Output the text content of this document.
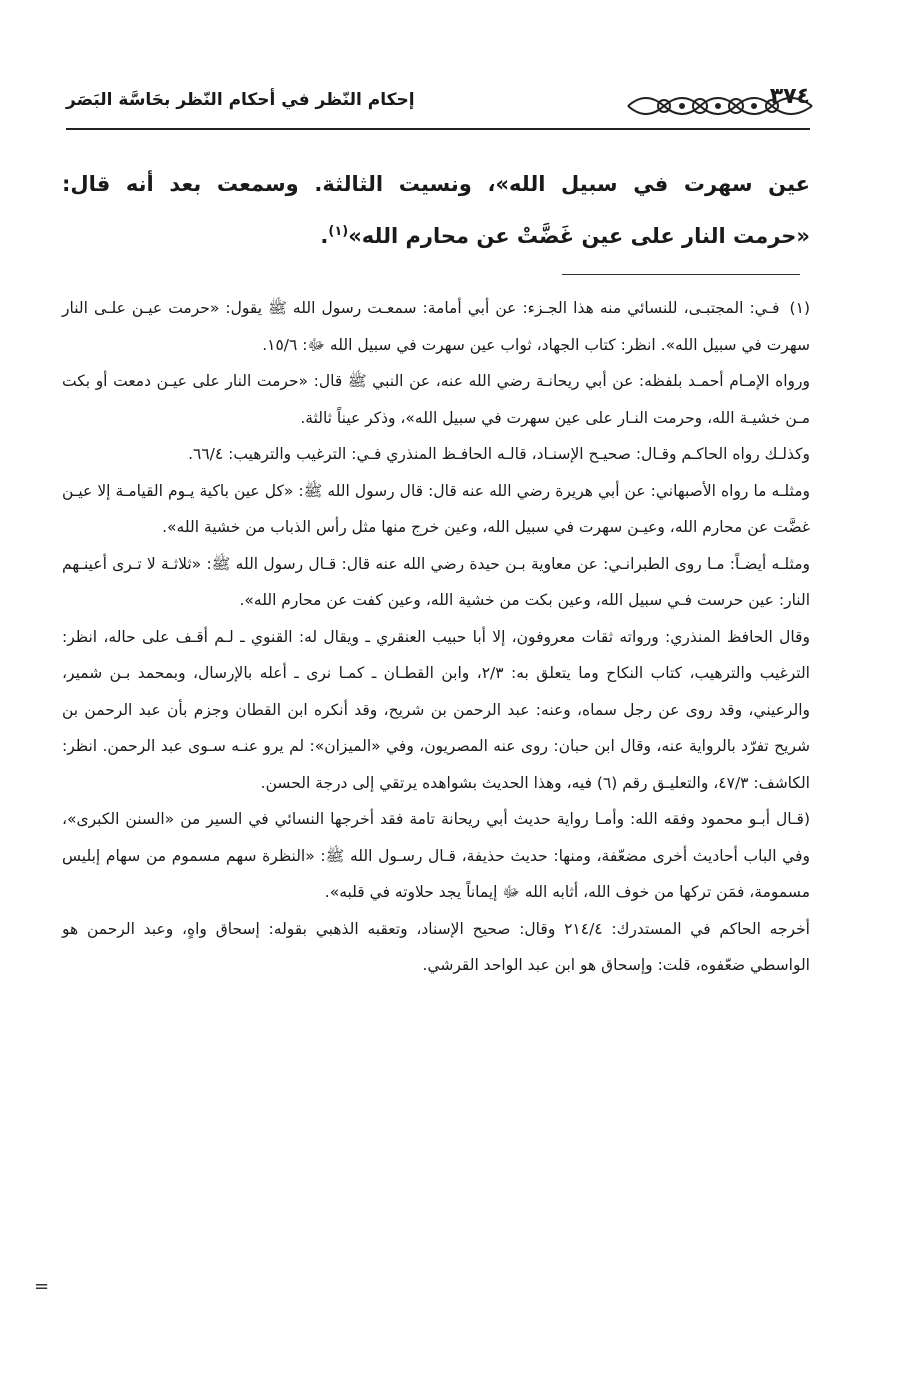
٣٧٤
إحكام النّظر في أحكام النّظر بحَاسَّة البَصَر
عين سهرت في سبيل الله»، ونسيت الثالثة. وسمعت بعد أنه قال: «حرمت النار على عين غَضَّتْ عن محارم الله»$^{(١)}$.

(١)فـي: المجتبـى، للنسائي منه هذا الجـزء: عن أبي أمامة: سمعـت رسول الله ﷺ يقول: «حرمت عيـن علـى النار سهرت في سبيل الله». انظر: كتاب الجهاد، ثواب عين سهرت في سبيل الله ﷻ: ١٥/٦.

ورواه الإمـام أحمـد بلفظه: عن أبي ريحانـة رضي الله عنه، عن النبي ﷺ قال: «حرمت النار على عيـن دمعت أو بكت مـن خشيـة الله، وحرمت النـار على عين سهرت في سبيل الله»، وذكر عيناً ثالثة.

وكذلـك رواه الحاكـم وقـال: صحيـح الإسنـاد، قالـه الحافـظ المنذري فـي: الترغيب والترهيب: ٦٦/٤.

ومثلـه ما رواه الأصبهاني: عن أبي هريرة رضي الله عنه قال: قال رسول الله ﷺ: «كل عين باكية يـوم القيامـة إلا عيـن غضَّت عن محارم الله، وعيـن سهرت في سبيل الله، وعين خرج منها مثل رأس الذباب من خشية الله».

ومثلـه أيضـاً: مـا روى الطبرانـي: عن معاوية بـن حيدة رضي الله عنه قال: قـال رسول الله ﷺ: «ثلاثـة لا تـرى أعينـهم النار: عين حرست فـي سبيل الله، وعين بكت من خشية الله، وعين كفت عن محارم الله».

وقال الحافظ المنذري: ورواته ثقات معروفون، إلا أبا حبيب العنقري ـ ويقال له: القنوي ـ لـم أقـف على حاله، انظر: الترغيب والترهيب، كتاب النكاح وما يتعلق به: ٢/٣، وابن القطـان ـ كمـا نرى ـ أعله بالإرسال، وبمحمد بـن شمير، والرعيني، وقد روى عن رجل سماه، وعنه: عبد الرحمن بن شريح، وقد أنكره ابن القطان وجزم بأن عبد الرحمن بن شريح تفرّد بالرواية عنه، وقال ابن حبان: روى عنه المصريون، وفي «الميزان»: لم يرو عنـه سـوى عبد الرحمن. انظر: الكاشف: ٤٧/٣، والتعليـق رقم (٦) فيه، وهذا الحديث بشواهده يرتقي إلى درجة الحسن.

(قـال أبـو محمود وفقه الله: وأمـا رواية حديث أبي ريحانة تامة فقد أخرجها النسائي في السير من «السنن الكبرى»، وفي الباب أحاديث أخرى مضعّفة، ومنها: حديث حذيفة، قـال رسـول الله ﷺ: «النظرة سهم مسموم من سهام إبليس مسمومة، فمَن تركها من خوف الله، أثابه الله ﷻ إيماناً يجد حلاوته في قلبه».

أخرجه الحاكم في المستدرك: ٢١٤/٤ وقال: صحيح الإسناد، وتعقبه الذهبي بقوله: إسحاق واهٍ، وعبد الرحمن هو الواسطي ضعّفوه، قلت: وإسحاق هو ابن عبد الواحد القرشي.

=
